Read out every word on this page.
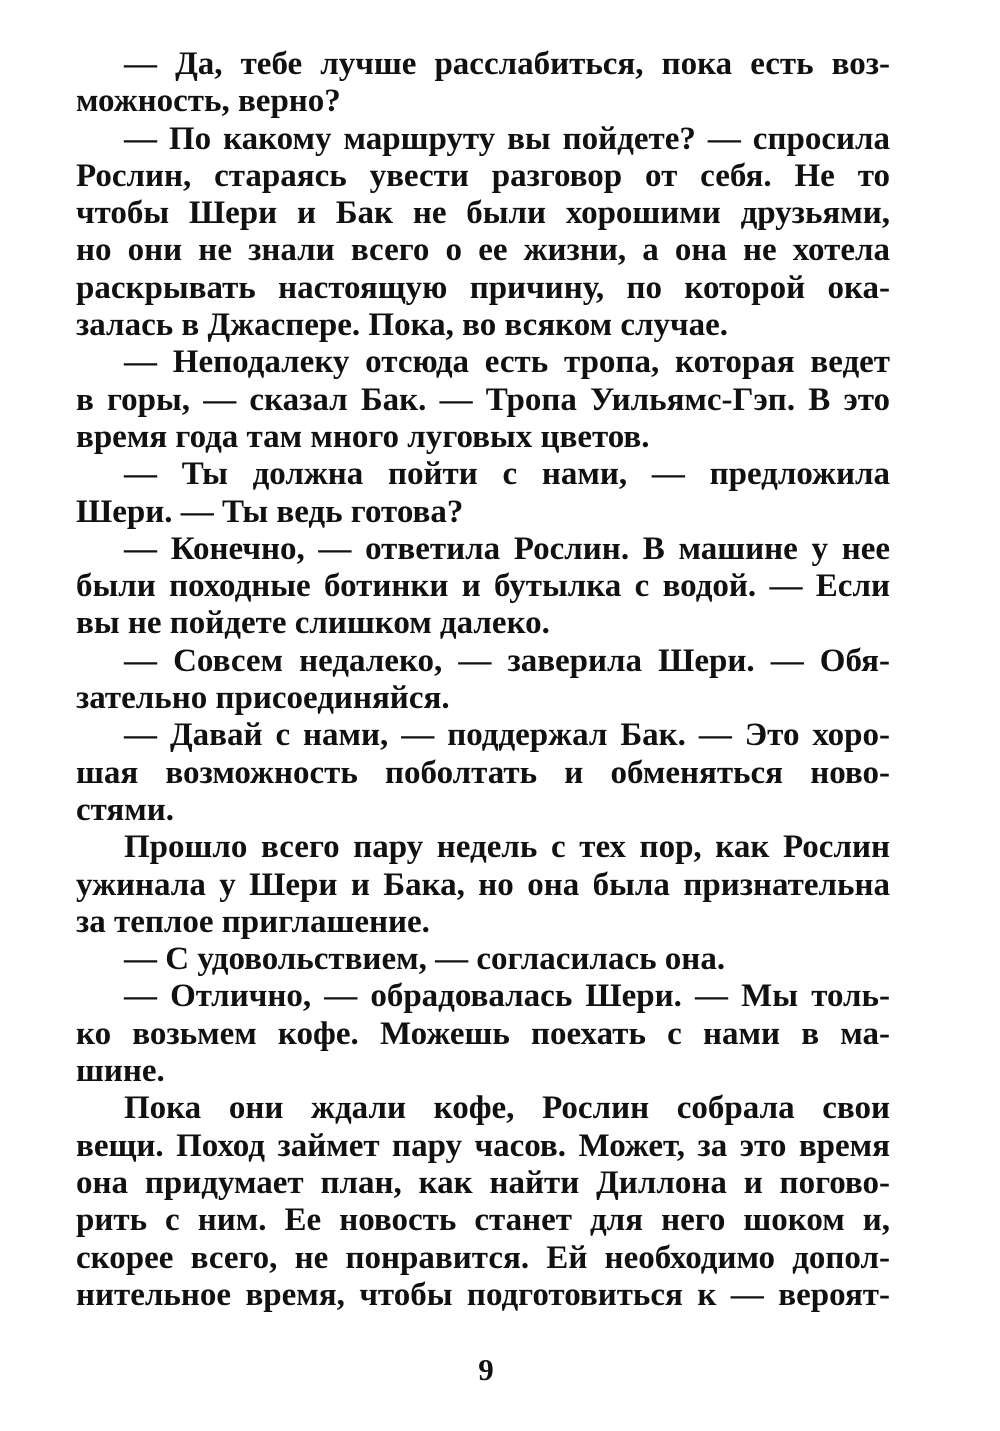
— Да, тебе лучше расслабиться, пока есть воз-
можность, верно?
— По какому маршруту вы пойдете? — спросила
Рослин, стараясь увести разговор от себя. Не то
чтобы Шери и Бак не были хорошими друзьями,
но они не знали всего о ее жизни, а она не хотела
раскрывать настоящую причину, по которой ока-
залась в Джаспере. Пока, во всяком случае.
— Неподалеку отсюда есть тропа, которая ведет
в горы, — сказал Бак. — Тропа Уильямс-Гэп. В это
время года там много луговых цветов.
— Ты должна пойти с нами, — предложила
Шери. — Ты ведь готова?
— Конечно, — ответила Рослин. В машине у нее
были походные ботинки и бутылка с водой. — Если
вы не пойдете слишком далеко.
— Совсем недалеко, — заверила Шери. — Обя-
зательно присоединяйся.
— Давай с нами, — поддержал Бак. — Это хоро-
шая возможность поболтать и обменяться ново-
стями.
Прошло всего пару недель с тех пор, как Рослин
ужинала у Шери и Бака, но она была признательна
за теплое приглашение.
— С удовольствием, — согласилась она.
— Отлично, — обрадовалась Шери. — Мы толь-
ко возьмем кофе. Можешь поехать с нами в ма-
шине.
Пока они ждали кофе, Рослин собрала свои
вещи. Поход займет пару часов. Может, за это время
она придумает план, как найти Диллона и погово-
рить с ним. Ее новость станет для него шоком и,
скорее всего, не понравится. Ей необходимо допол-
нительное время, чтобы подготовиться к — вероят-
9
